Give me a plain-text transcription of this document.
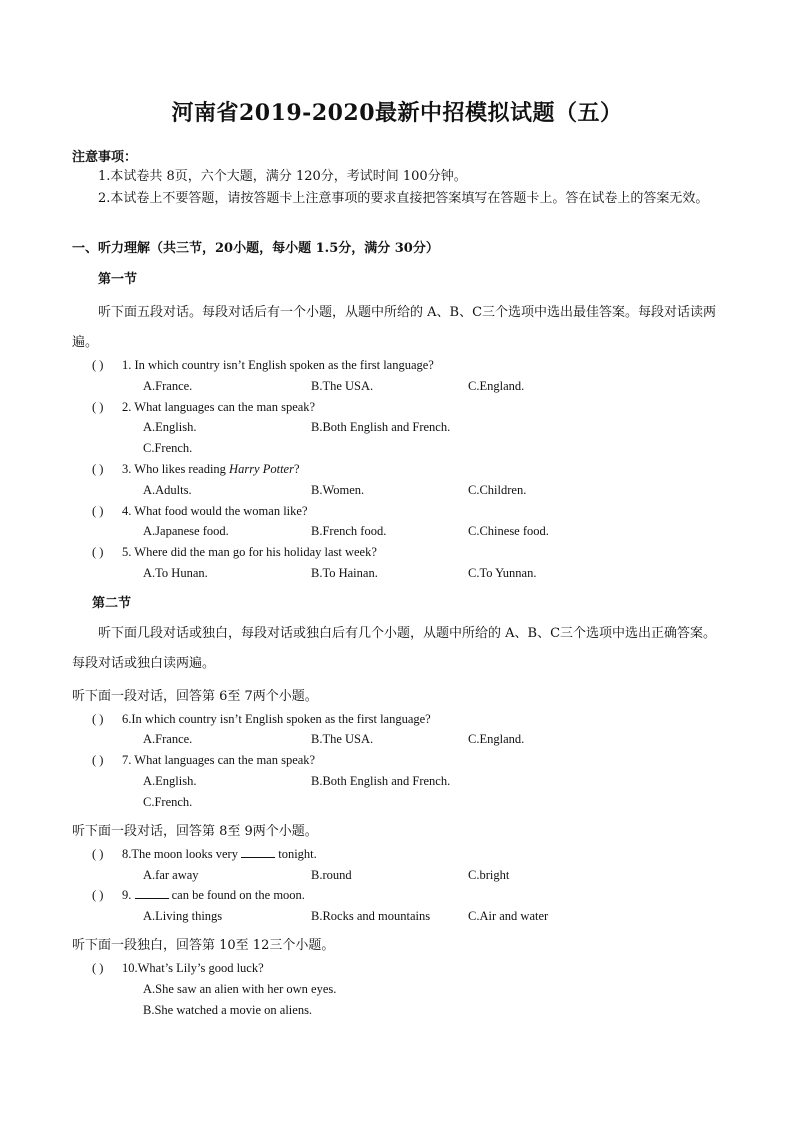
河南省2019-2020最新中招模拟试题（五）
注意事项：
1.本试卷共 8页，六个大题，满分 120分，考试时间 100分钟。
2.本试卷上不要答题，请按答题卡上注意事项的要求直接把答案填写在答题卡上。答在试卷上的答案无效。
一、听力理解（共三节，20小题，每小题 1.5分，满分 30分）
第一节
听下面五段对话。每段对话后有一个小题，从题中所给的 A、B、C三个选项中选出最佳答案。每段对话读两遍。
( ) 1. In which country isn’t English spoken as the first language?
A.France.	B.The USA.	C.England.
( ) 2. What languages can the man speak?
A.English.	B.Both English and French.
C.French.
( ) 3. Who likes reading Harry Potter?
A.Adults.	B.Women.	C.Children.
( ) 4. What food would the woman like?
A.Japanese food.	B.French food.	C.Chinese food.
( ) 5. Where did the man go for his holiday last week?
A.To Hunan.	B.To Hainan.	C.To Yunnan.
第二节
听下面几段对话或独白，每段对话或独白后有几个小题，从题中所给的 A、B、C三个选项中选出正确答案。每段对话或独白读两遍。
听下面一段对话，回答第 6至 7两个小题。
( ) 6.In which country isn’t English spoken as the first language?
A.France.	B.The USA.	C.England.
( ) 7. What languages can the man speak?
A.English.	B.Both English and French.
C.French.
听下面一段对话，回答第 8至 9两个小题。
( ) 8.The moon looks very	tonight.
A.far away	B.round	C.bright
( ) 9.	can be found on the moon.
A.Living things	B.Rocks and mountains	C.Air and water
听下面一段独白，回答第 10至 12三个小题。
( ) 10.What’s Lily’s good luck?
A.She saw an alien with her own eyes.
B.She watched a movie on aliens.
